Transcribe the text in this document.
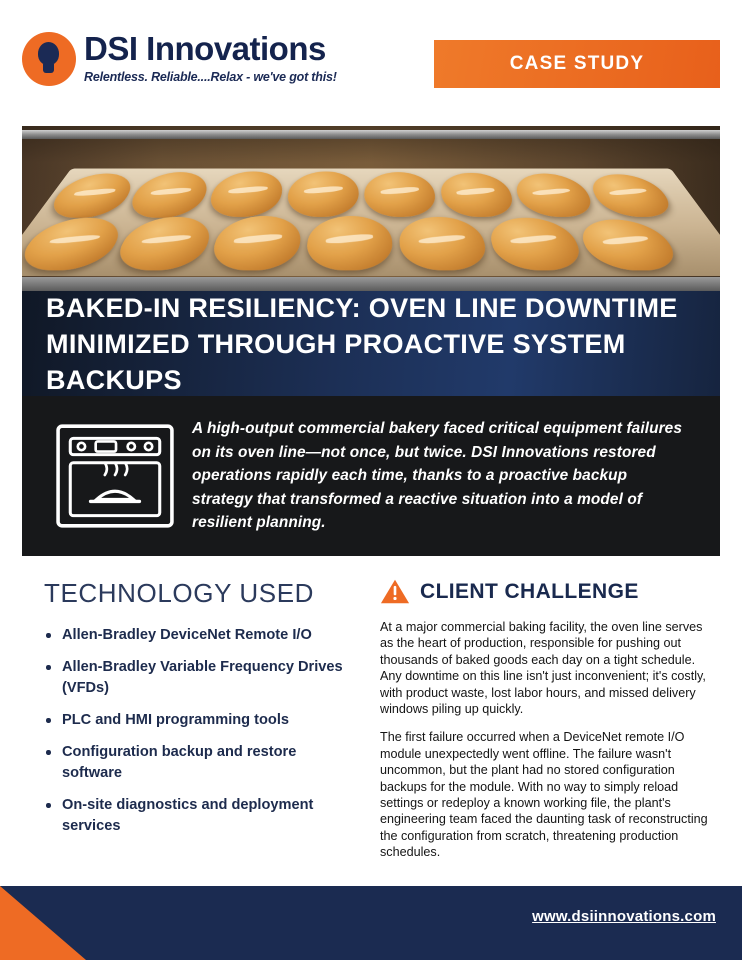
DSI Innovations
Relentless. Reliable....Relax - we've got this!
CASE STUDY
BAKED-IN RESILIENCY: OVEN LINE DOWNTIME
MINIMIZED THROUGH PROACTIVE SYSTEM BACKUPS
A high-output commercial bakery faced critical equipment failures on its oven line—not once, but twice. DSI Innovations restored operations rapidly each time, thanks to a proactive backup strategy that transformed a reactive situation into a model of resilient planning.
TECHNOLOGY USED
Allen-Bradley DeviceNet Remote I/O
Allen-Bradley Variable Frequency Drives (VFDs)
PLC and HMI programming tools
Configuration backup and restore software
On-site diagnostics and deployment services
CLIENT CHALLENGE

At a major commercial baking facility, the oven line serves as the heart of production, responsible for pushing out thousands of baked goods each day on a tight schedule. Any downtime on this line isn't just inconvenient; it's costly, with product waste, lost labor hours, and missed delivery windows piling up quickly.

The first failure occurred when a DeviceNet remote I/O module unexpectedly went offline. The failure wasn't uncommon, but the plant had no stored configuration backups for the module. With no way to simply reload settings or redeploy a known working file, the plant's engineering team faced the daunting task of reconstructing the configuration from scratch, threatening production schedules.

www.dsiinnovations.com
